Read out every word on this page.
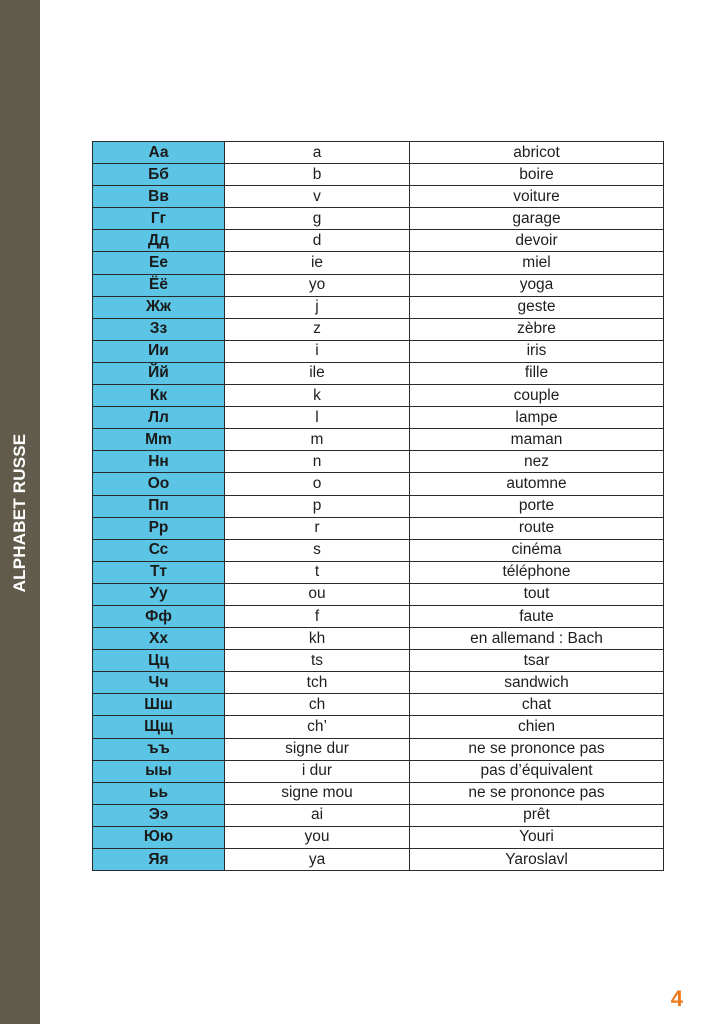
ALPHABET RUSSE
Аа	a	abricot
Бб	b	boire
Вв	v	voiture
Гг	g	garage
Дд	d	devoir
Ее	ie	miel
Ёё	yo	yoga
Жж	j	geste
Зз	z	zèbre
Ии	i	iris
Йй	ile	fille
Кк	k	couple
Лл	l	lampe
Мm	m	maman
Нн	n	nez
Оо	o	automne
Пп	p	porte
Рр	r	route
Сс	s	cinéma
Тт	t	téléphone
Уу	ou	tout
Фф	f	faute
Хх	kh	en allemand : Bach
Цц	ts	tsar
Чч	tch	sandwich
Шш	ch	chat
Щщ	ch’	chien
ъъ	signe dur	ne se prononce pas
ыы	i dur	pas d’équivalent
ьь	signe mou	ne se prononce pas
Ээ	ai	prêt
Юю	you	Youri
Яя	ya	Yaroslavl
4
